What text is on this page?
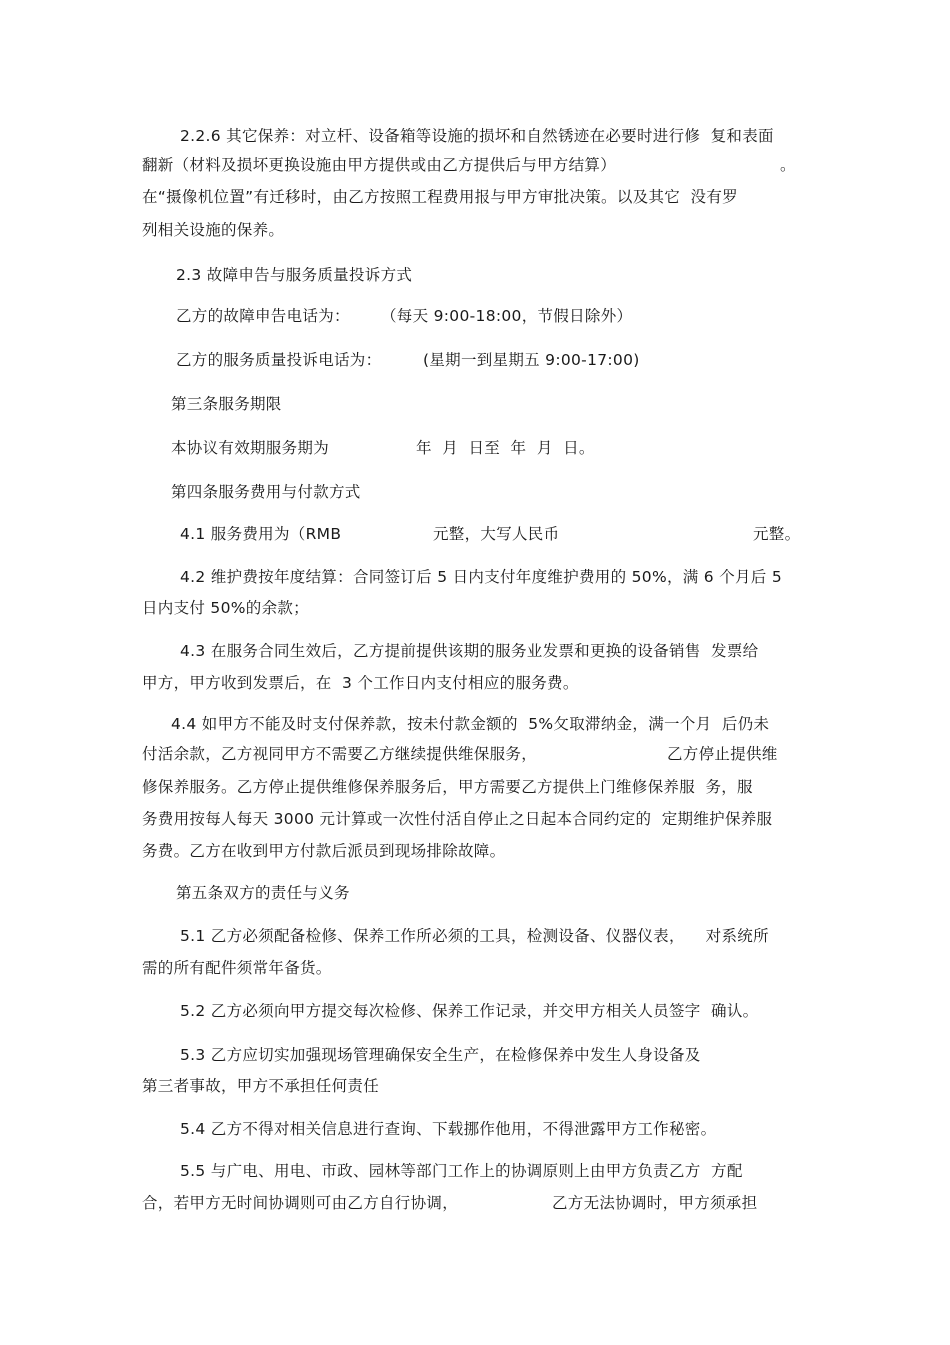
2.2.6 其它保养：对立杆、设备箱等设施的损坏和自然锈迹在必要时进行修  复和表面
翻新（材料及损坏更换设施由甲方提供或由乙方提供后与甲方结算）	。
在“摄像机位置”有迁移时，由乙方按照工程费用报与甲方审批决策。以及其它  没有罗
列相关设施的保养。
2.3 故障申告与服务质量投诉方式
乙方的故障申告电话为： （每天 9:00-18:00，节假日除外）
乙方的服务质量投诉电话为：	(星期一到星期五 9:00-17:00)
第三条服务期限
本协议有效期服务期为	年  月  日至  年  月  日。
第四条服务费用与付款方式
4.1 服务费用为（RMB	元整，大写人民币	元整。
4.2 维护费按年度结算：合同签订后 5 日内支付年度维护费用的 50%，满 6 个月后 5
日内支付 50%的余款；
4.3 在服务合同生效后，乙方提前提供该期的服务业发票和更换的设备销售  发票给
甲方，甲方收到发票后，在  3 个工作日内支付相应的服务费。
4.4 如甲方不能及时支付保养款，按未付款金额的  5%攵取滞纳金，满一个月  后仍未
付活余款，乙方视同甲方不需要乙方继续提供维保服务，	乙方停止提供维
修保养服务。乙方停止提供维修保养服务后，甲方需要乙方提供上门维修保养服  务，服
务费用按每人每天 3000 元计算或一次性付活自停止之日起本合同约定的  定期维护保养服
务费。乙方在收到甲方付款后派员到现场排除故障。
第五条双方的责任与义务
5.1 乙方必须配备检修、保养工作所必须的工具，检测设备、仪器仪表，    对系统所
需的所有配件须常年备货。
5.2 乙方必须向甲方提交每次检修、保养工作记录，并交甲方相关人员签字  确认。
5.3 乙方应切实加强现场管理确保安全生产，在检修保养中发生人身设备及
第三者事故，甲方不承担任何责任
5.4 乙方不得对相关信息进行查询、下载挪作他用，不得泄露甲方工作秘密。
5.5 与广电、用电、市政、园林等部门工作上的协调原则上由甲方负责乙方  方配
合，若甲方无时间协调则可由乙方自行协调，	乙方无法协调时，甲方须承担
